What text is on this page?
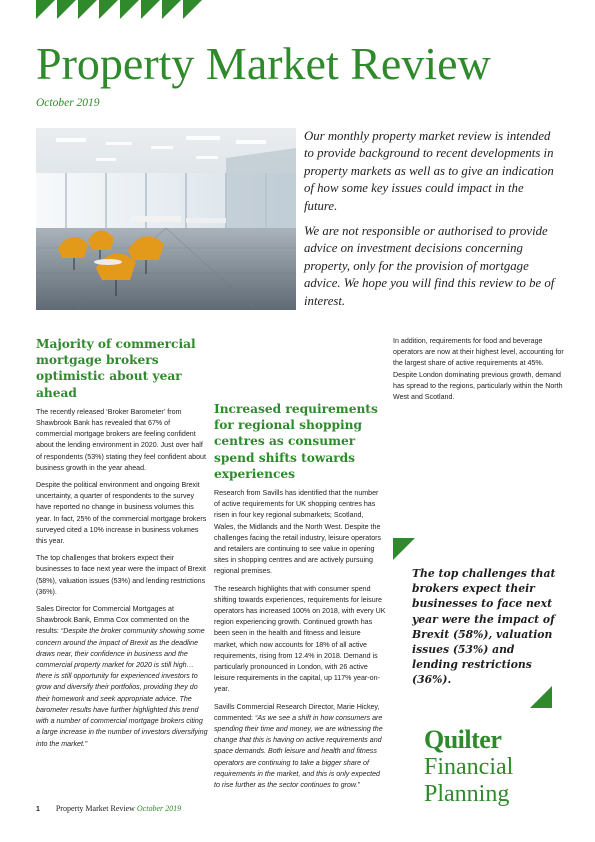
Property Market Review
October 2019

Our monthly property market review is intended to provide background to recent developments in property markets as well as to give an indication of how some key issues could impact in the future.

We are not responsible or authorised to provide advice on investment decisions concerning property, only for the provision of mortgage advice. We hope you will find this review to be of interest.

Majority of commercial mortgage brokers optimistic about year ahead

The recently released ‘Broker Barometer’ from Shawbrook Bank has revealed that 67% of commercial mortgage brokers are feeling confident about the lending environment in 2020. Just over half of respondents (53%) stating they feel confident about business growth in the year ahead.

Despite the political environment and ongoing Brexit uncertainty, a quarter of respondents to the survey have reported no change in business volumes this year. In fact, 25% of the commercial mortgage brokers surveyed cited a 10% increase in business volumes this year.

The top challenges that brokers expect their businesses to face next year were the impact of Brexit (58%), valuation issues (53%) and lending restrictions (36%).

Sales Director for Commercial Mortgages at Shawbrook Bank, Emma Cox commented on the results: “Despite the broker community showing some concern around the impact of Brexit as the deadline draws near, their confidence in business and the commercial property market for 2020 is still high…there is still opportunity for experienced investors to grow and diversify their portfolios, providing they do their homework and seek appropriate advice. The barometer results have further highlighted this trend with a number of commercial mortgage brokers citing a large increase in the number of investors diversifying into the market.”

Increased requirements for regional shopping centres as consumer spend shifts towards experiences

Research from Savills has identified that the number of active requirements for UK shopping centres has risen in four key regional submarkets; Scotland, Wales, the Midlands and the North West. Despite the challenges facing the retail industry, leisure operators and retailers are continuing to see value in opening sites in shopping centres and are actively pursuing regional premises.

The research highlights that with consumer spend shifting towards experiences, requirements for leisure operators has increased 100% on 2018, with every UK region experiencing growth. Continued growth has been seen in the health and fitness and leisure market, which now accounts for 18% of all active requirements, rising from 12.4% in 2018. Demand is particularly pronounced in London, with 26 active leisure requirements in the capital, up 117% year-on-year.

Savills Commercial Research Director, Marie Hickey, commented: “As we see a shift in how consumers are spending their time and money, we are witnessing the change that this is having on active requirements and space demands. Both leisure and health and fitness operators are continuing to take a bigger share of requirements in the market, and this is only expected to rise further as the sector continues to grow.”

In addition, requirements for food and beverage operators are now at their highest level, accounting for the largest share of active requirements at 45%. Despite London dominating previous growth, demand has spread to the regions, particularly within the North West and Scotland.

The top challenges that brokers expect their businesses to face next year were the impact of Brexit (58%), valuation issues (53%) and lending restrictions (36%).
Quilter
Financial
Planning
1 Property Market Review October 2019
